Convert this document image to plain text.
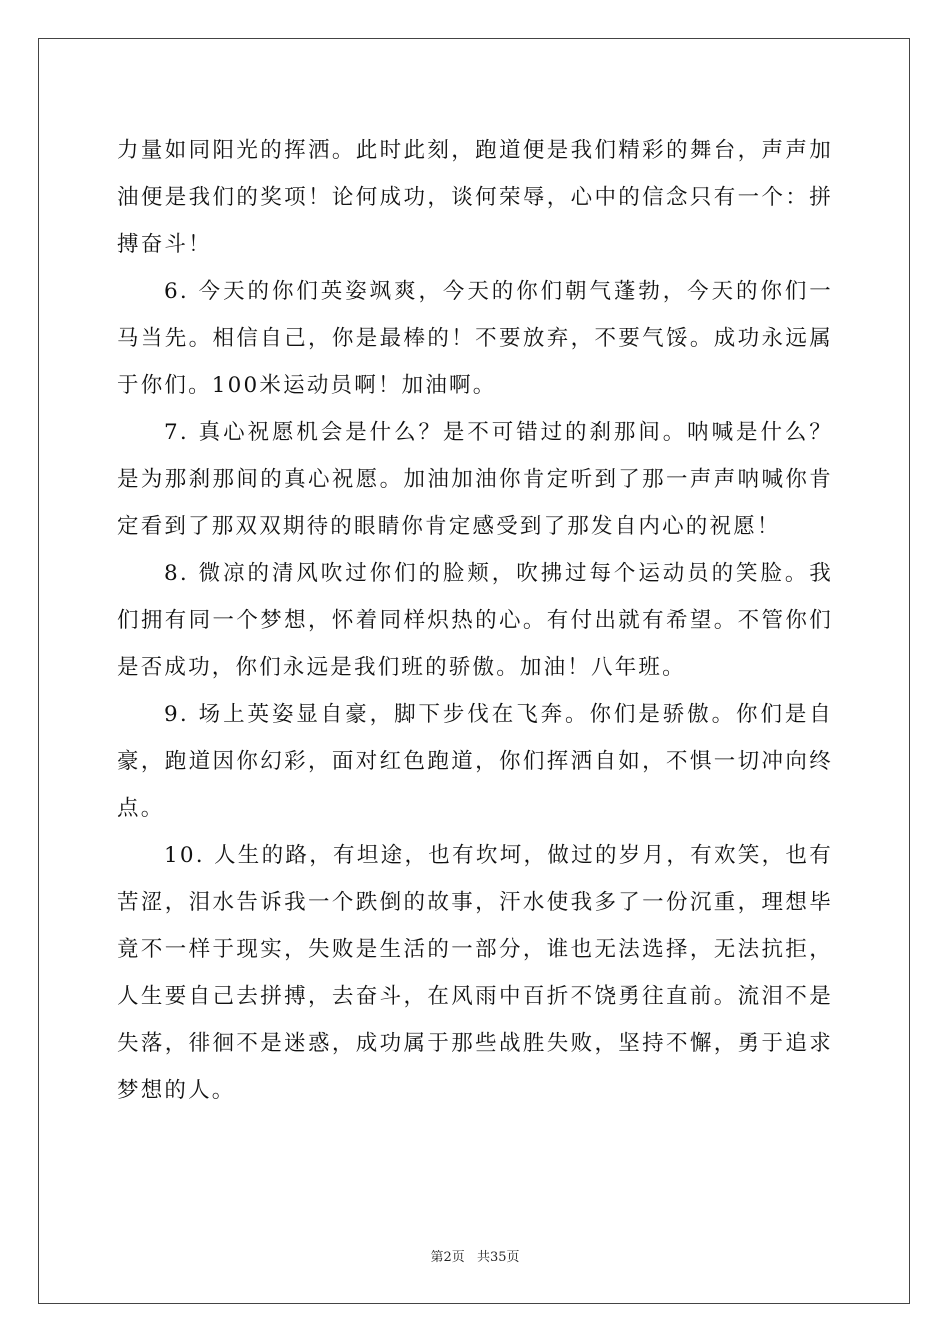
力量如同阳光的挥洒。此时此刻，跑道便是我们精彩的舞台，声声加油便是我们的奖项！论何成功，谈何荣辱，心中的信念只有一个：拼搏奋斗！

6. 今天的你们英姿飒爽，今天的你们朝气蓬勃，今天的你们一马当先。相信自己，你是最棒的！不要放弃，不要气馁。成功永远属于你们。100米运动员啊！加油啊。

7. 真心祝愿机会是什么？是不可错过的刹那间。呐喊是什么？是为那刹那间的真心祝愿。加油加油你肯定听到了那一声声呐喊你肯定看到了那双双期待的眼睛你肯定感受到了那发自内心的祝愿！

8. 微凉的清风吹过你们的脸颊，吹拂过每个运动员的笑脸。我们拥有同一个梦想，怀着同样炽热的心。有付出就有希望。不管你们是否成功，你们永远是我们班的骄傲。加油！八年班。

9. 场上英姿显自豪，脚下步伐在飞奔。你们是骄傲。你们是自豪，跑道因你幻彩，面对红色跑道，你们挥洒自如，不惧一切冲向终点。

10. 人生的路，有坦途，也有坎坷，做过的岁月，有欢笑，也有苦涩，泪水告诉我一个跌倒的故事，汗水使我多了一份沉重，理想毕竟不一样于现实，失败是生活的一部分，谁也无法选择，无法抗拒，人生要自己去拼搏，去奋斗，在风雨中百折不饶勇往直前。流泪不是失落，徘徊不是迷惑，成功属于那些战胜失败，坚持不懈，勇于追求梦想的人。

第2页 共35页
